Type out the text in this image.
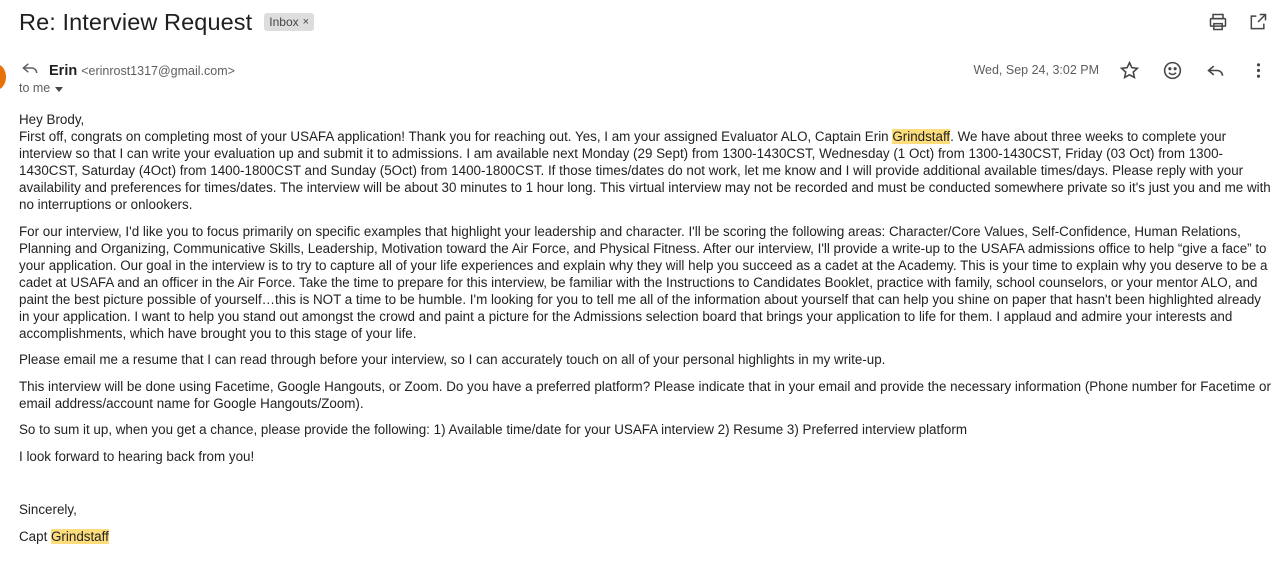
Re: Interview Request Inbox ×
Erin <erinrost1317@gmail.com>
to me
Wed, Sep 24, 3:02 PM
Hey Brody,

First off, congrats on completing most of your USAFA application! Thank you for reaching out. Yes, I am your assigned Evaluator ALO, Captain Erin Grindstaff. We have about three weeks to complete your interview so that I can write your evaluation up and submit it to admissions. I am available next Monday (29 Sept) from 1300-1430CST, Wednesday (1 Oct) from 1300-1430CST, Friday (03 Oct) from 1300-1430CST, Saturday (4Oct) from 1400-1800CST and Sunday (5Oct) from 1400-1800CST. If those times/dates do not work, let me know and I will provide additional available times/days. Please reply with your availability and preferences for times/dates. The interview will be about 30 minutes to 1 hour long. This virtual interview may not be recorded and must be conducted somewhere private so it's just you and me with no interruptions or onlookers.

For our interview, I'd like you to focus primarily on specific examples that highlight your leadership and character. I'll be scoring the following areas: Character/Core Values, Self-Confidence, Human Relations, Planning and Organizing, Communicative Skills, Leadership, Motivation toward the Air Force, and Physical Fitness. After our interview, I'll provide a write-up to the USAFA admissions office to help “give a face” to your application. Our goal in the interview is to try to capture all of your life experiences and explain why they will help you succeed as a cadet at the Academy. This is your time to explain why you deserve to be a cadet at USAFA and an officer in the Air Force. Take the time to prepare for this interview, be familiar with the Instructions to Candidates Booklet, practice with family, school counselors, or your mentor ALO, and paint the best picture possible of yourself…this is NOT a time to be humble. I'm looking for you to tell me all of the information about yourself that can help you shine on paper that hasn't been highlighted already in your application. I want to help you stand out amongst the crowd and paint a picture for the Admissions selection board that brings your application to life for them. I applaud and admire your interests and accomplishments, which have brought you to this stage of your life.

Please email me a resume that I can read through before your interview, so I can accurately touch on all of your personal highlights in my write-up.

This interview will be done using Facetime, Google Hangouts, or Zoom. Do you have a preferred platform? Please indicate that in your email and provide the necessary information (Phone number for Facetime or email address/account name for Google Hangouts/Zoom).

So to sum it up, when you get a chance, please provide the following: 1) Available time/date for your USAFA interview 2) Resume 3) Preferred interview platform

I look forward to hearing back from you!

Sincerely,

Capt Grindstaff
